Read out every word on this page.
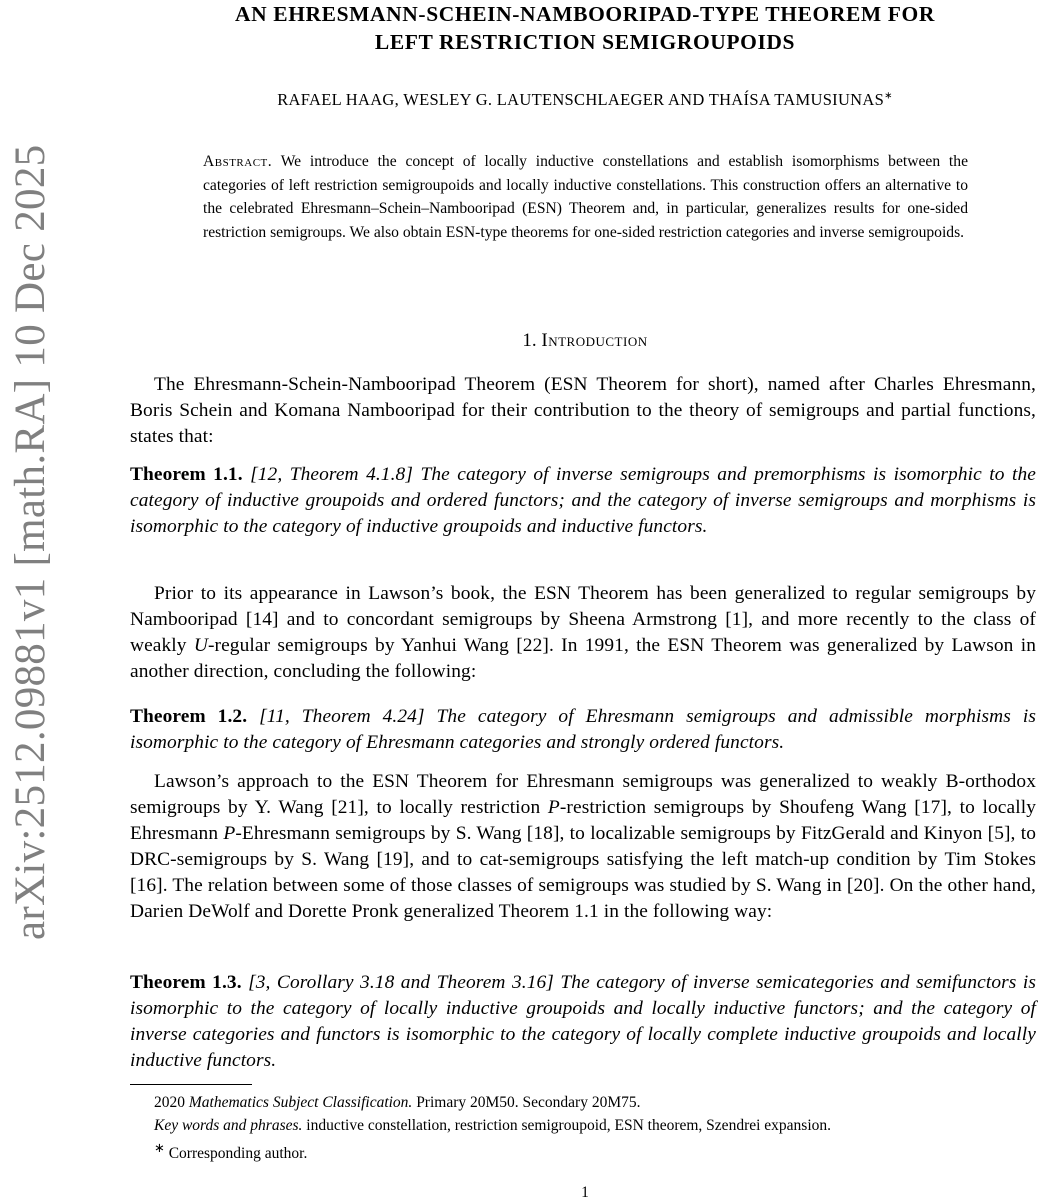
arXiv:2512.09881v1 [math.RA] 10 Dec 2025
AN EHRESMANN-SCHEIN-NAMBOORIPAD-TYPE THEOREM FOR
LEFT RESTRICTION SEMIGROUPOIDS
RAFAEL HAAG, WESLEY G. LAUTENSCHLAEGER AND THAÍSA TAMUSIUNAS∗
Abstract. We introduce the concept of locally inductive constellations and establish isomorphisms between the categories of left restriction semigroupoids and locally inductive constellations. This construction offers an alternative to the celebrated Ehresmann–Schein–Nambooripad (ESN) Theorem and, in particular, generalizes results for one-sided restriction semigroups. We also obtain ESN-type theorems for one-sided restriction categories and inverse semigroupoids.
1. Introduction
The Ehresmann-Schein-Nambooripad Theorem (ESN Theorem for short), named after Charles Ehresmann, Boris Schein and Komana Nambooripad for their contribution to the theory of semigroups and partial functions, states that:
Theorem 1.1. [12, Theorem 4.1.8] The category of inverse semigroups and premorphisms is isomorphic to the category of inductive groupoids and ordered functors; and the category of inverse semigroups and morphisms is isomorphic to the category of inductive groupoids and inductive functors.
Prior to its appearance in Lawson’s book, the ESN Theorem has been generalized to regular semigroups by Nambooripad [14] and to concordant semigroups by Sheena Armstrong [1], and more recently to the class of weakly U-regular semigroups by Yanhui Wang [22]. In 1991, the ESN Theorem was generalized by Lawson in another direction, concluding the following:
Theorem 1.2. [11, Theorem 4.24] The category of Ehresmann semigroups and admissible morphisms is isomorphic to the category of Ehresmann categories and strongly ordered functors.
Lawson’s approach to the ESN Theorem for Ehresmann semigroups was generalized to weakly B-orthodox semigroups by Y. Wang [21], to locally restriction P-restriction semigroups by Shoufeng Wang [17], to locally Ehresmann P-Ehresmann semigroups by S. Wang [18], to localizable semigroups by FitzGerald and Kinyon [5], to DRC-semigroups by S. Wang [19], and to cat-semigroups satisfying the left match-up condition by Tim Stokes [16]. The relation between some of those classes of semigroups was studied by S. Wang in [20]. On the other hand, Darien DeWolf and Dorette Pronk generalized Theorem 1.1 in the following way:
Theorem 1.3. [3, Corollary 3.18 and Theorem 3.16] The category of inverse semicategories and semifunctors is isomorphic to the category of locally inductive groupoids and locally inductive functors; and the category of inverse categories and functors is isomorphic to the category of locally complete inductive groupoids and locally inductive functors.

2020 Mathematics Subject Classification. Primary 20M50. Secondary 20M75.

Key words and phrases. inductive constellation, restriction semigroupoid, ESN theorem, Szendrei expansion.

∗ Corresponding author.

1
